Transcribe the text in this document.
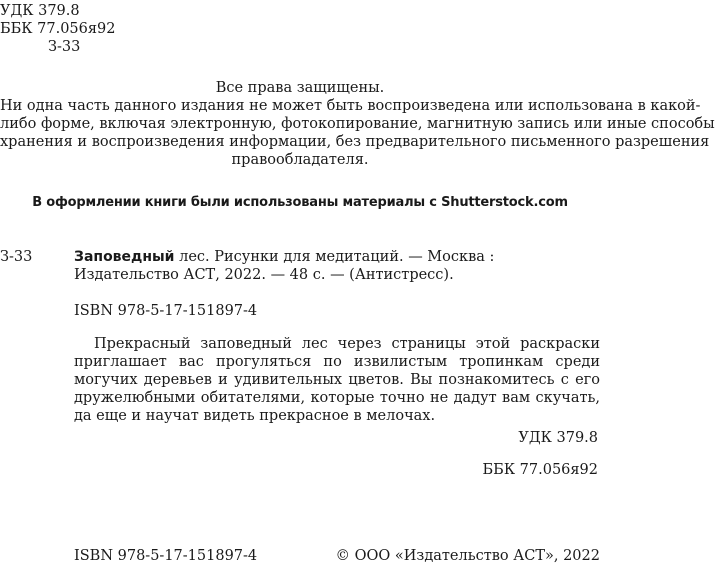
УДК 379.8
ББК 77.056я92
З-33
Все права защищены.
Ни одна часть данного издания не может быть воспроизведена или использована в какой-
либо форме, включая электронную, фотокопирование, магнитную запись или иные способы
хранения и воспроизведения информации, без предварительного письменного разрешения
правообладателя.
В оформлении книги были использованы материалы с Shutterstock.com
З-33	Заповедный лес. Рисунки для медитаций. — Москва : Издательство АСТ, 2022. — 48 с. — (Антистресс).
ISBN 978-5-17-151897-4
Прекрасный заповедный лес через страницы этой раскраски приглашает вас прогуляться по извилистым тропинкам среди могучих деревьев и удивительных цветов. Вы познакомитесь с его дружелюбными обитателями, которые точно не дадут вам скучать, да еще и научат видеть прекрасное в мелочах.
УДК 379.8
ББК 77.056я92
ISBN 978-5-17-151897-4	© ООО «Издательство АСТ», 2022
